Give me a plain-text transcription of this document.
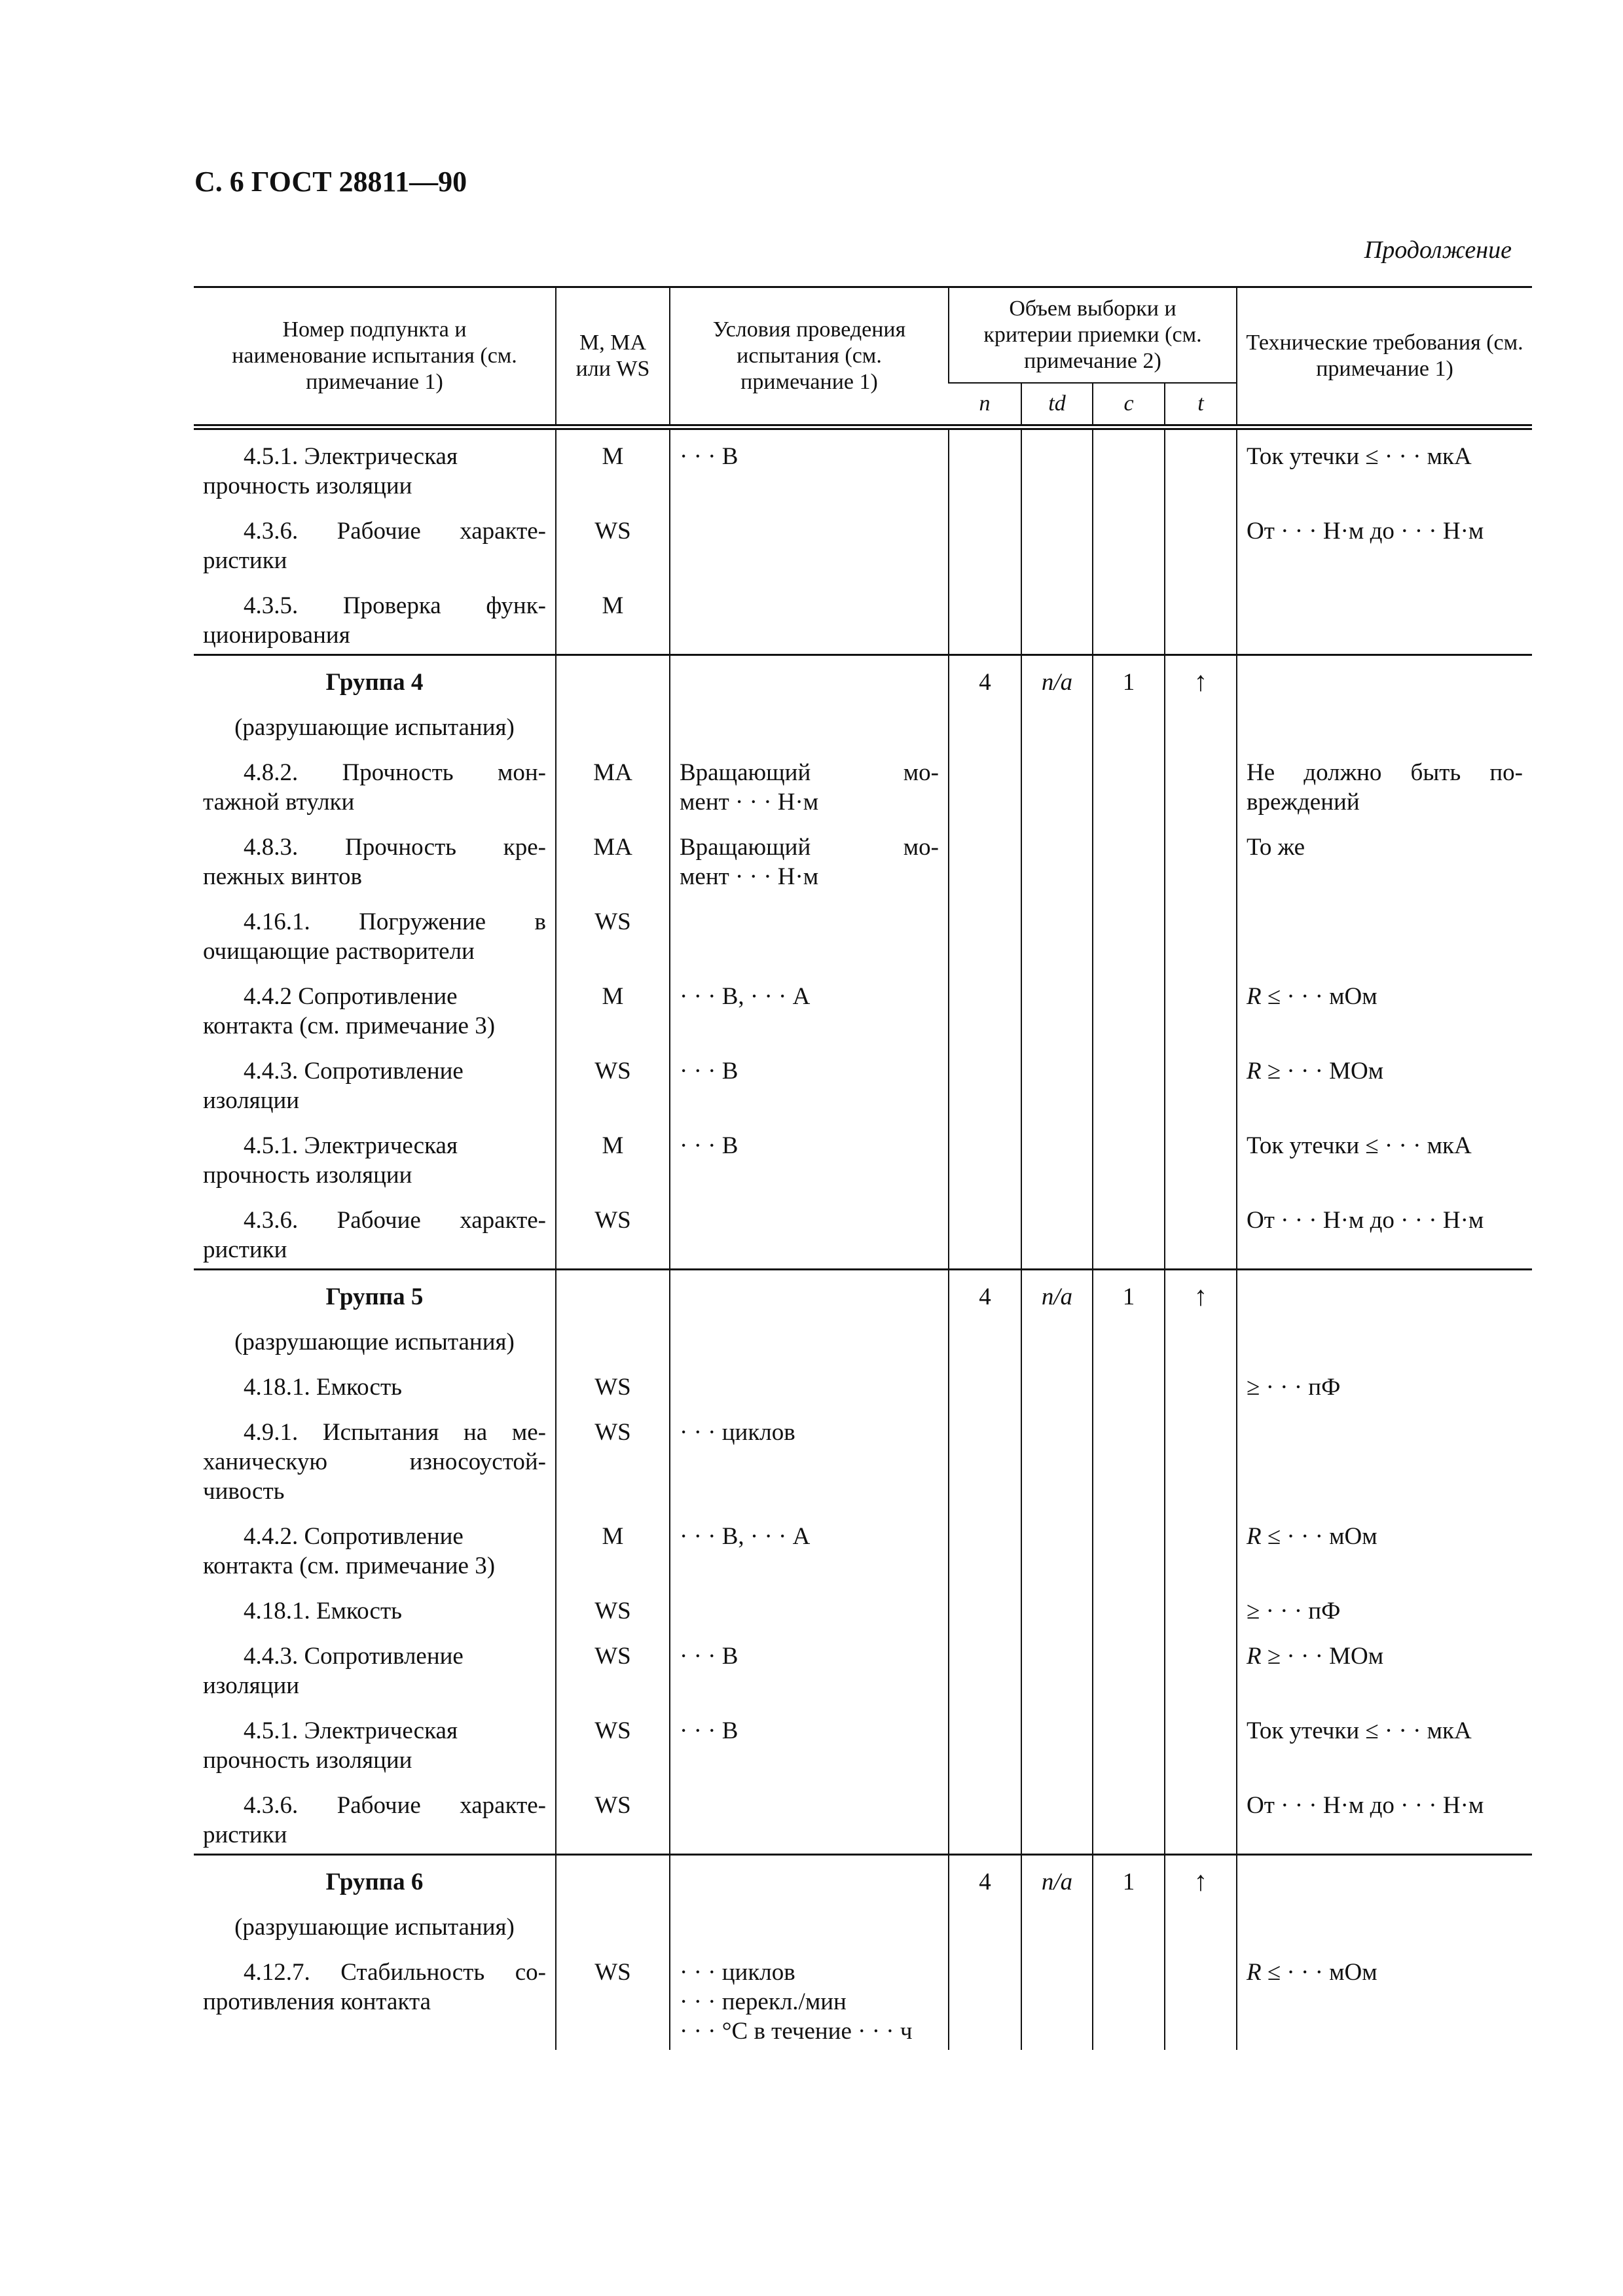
С. 6 ГОСТ 28811—90
Продолжение
Номер подпункта и наименование испытания (см. примечание 1)	М, МА или WS	Условия проведения испытания (см. примечание 1)	Объем выборки и критерии приемки (см. примечание 2)				Технические требования (см. примечание 1)
			n	td	c	t	

4.5.1. Электрическая
прочность изоляции	М	· · · В					Ток утечки ≤ · · · мкА

4.3.6. Рабочие характе-
ристики	WS						От · · · Н·м до · · · Н·м

4.3.5. Проверка функ-
ционирования	М						

Группа 4			4	n/a	1	↑	

(разрушающие испытания)							

4.8.2. Прочность мон-
тажной втулки	МА	Вращающий мо-
мент · · · Н·м					Не должно быть по-
вреждений

4.8.3. Прочность кре-
пежных винтов	МА	Вращающий мо-
мент · · · Н·м					То же

4.16.1. Погружение в
очищающие растворители	WS						

4.4.2 Сопротивление
контакта (см. примечание 3)	М	· · · В, · · · А					R ≤ · · · мОм

4.4.3. Сопротивление
изоляции	WS	· · · В					R ≥ · · · МОм

4.5.1. Электрическая
прочность изоляции	М	· · · В					Ток утечки ≤ · · · мкА

4.3.6. Рабочие характе-
ристики	WS						От · · · Н·м до · · · Н·м

Группа 5			4	n/a	1	↑	

(разрушающие испытания)							

4.18.1. Емкость	WS						≥ · · · пФ

4.9.1. Испытания на ме-
ханическую износоустой-
чивость	WS	· · · циклов					

4.4.2. Сопротивление
контакта (см. примечание 3)	М	· · · В, · · · А					R ≤ · · · мОм

4.18.1. Емкость	WS						≥ · · · пФ

4.4.3. Сопротивление
изоляции	WS	· · · В					R ≥ · · · МОм

4.5.1. Электрическая
прочность изоляции	WS	· · · В					Ток утечки ≤ · · · мкА

4.3.6. Рабочие характе-
ристики	WS						От · · · Н·м до · · · Н·м

Группа 6			4	n/a	1	↑	

(разрушающие испытания)							

4.12.7. Стабильность со-
противления контакта	WS	· · · циклов
· · · перекл./мин
· · · °С в течение · · · ч					R ≤ · · · мОм
